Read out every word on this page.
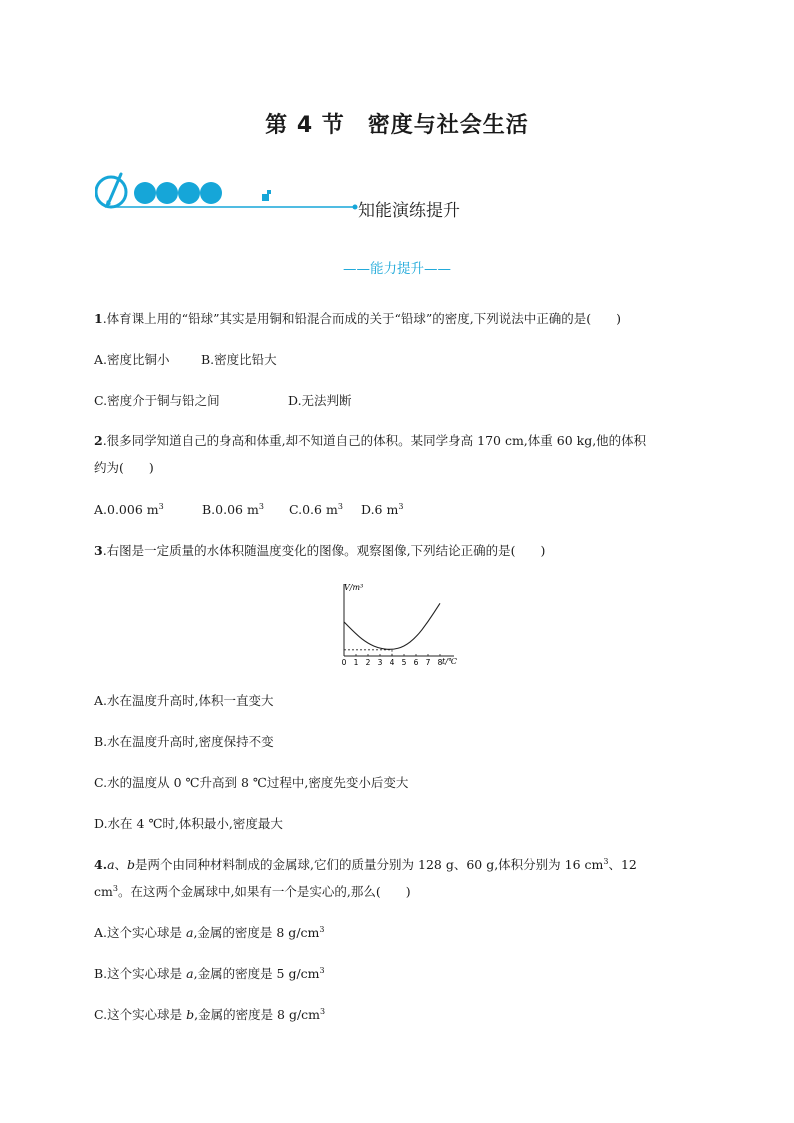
第 4 节　密度与社会生活
知能演练提升
——能力提升——
1.体育课上用的“铅球”其实是用铜和铅混合而成的关于“铅球”的密度,下列说法中正确的是(　　)
A.密度比铜小	B.密度比铅大
C.密度介于铜与铅之间	D.无法判断
2.很多同学知道自己的身高和体重,却不知道自己的体积。某同学身高 170 cm,体重 60 kg,他的体积
约为(　　)
A.0.006 $m^3$	B.0.06 $m^3$ C.0.6 $m^3$ D.6 $m^3$
3.右图是一定质量的水体积随温度变化的图像。观察图像,下列结论正确的是(　　)
0 1 2 3 4 5 6 7 8
V/m³
t/℃
A.水在温度升高时,体积一直变大
B.水在温度升高时,密度保持不变
C.水的温度从 0 ℃升高到 8 ℃过程中,密度先变小后变大
D.水在 4 ℃时,体积最小,密度最大
4.a、b是两个由同种材料制成的金属球,它们的质量分别为 128 g、60 g,体积分别为 16 $cm^3$、12
$cm^3$。在这两个金属球中,如果有一个是实心的,那么(　　)
A.这个实心球是 a,金属的密度是 8 $g/cm^3$
B.这个实心球是 a,金属的密度是 5 $g/cm^3$
C.这个实心球是 b,金属的密度是 8 $g/cm^3$
